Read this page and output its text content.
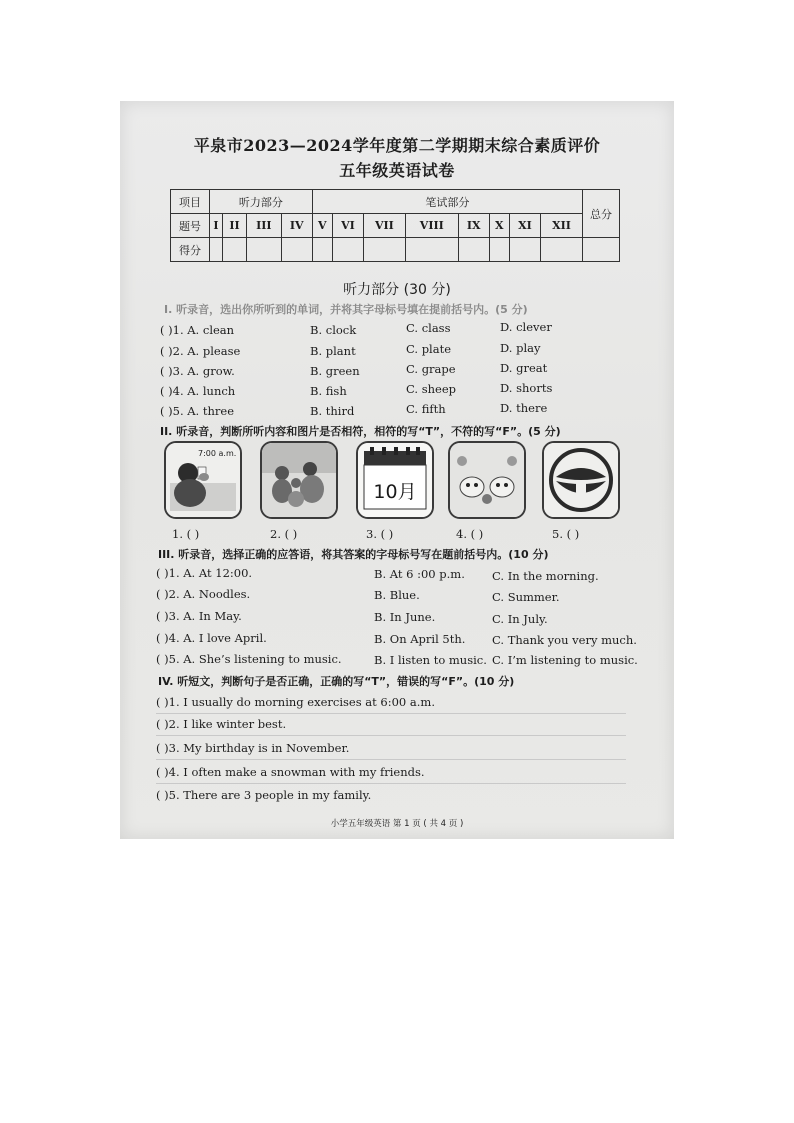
平泉市2023—2024学年度第二学期期末综合素质评价
五年级英语试卷
项目	听力部分				笔试部分								总分
题号	I	II	III	IV	V	VI	VII	VIII	IX	X	XI	XII	
得分													
听力部分 (30 分)
Ⅰ. 听录音，选出你所听到的单词，并将其字母标号填在提前括号内。(5 分)
( )1. A. clean	B. clock	C. class	D. clever
( )2. A. please	B. plant	C. plate	D. play
( )3. A. grow.	B. green	C. grape	D. great
( )4. A. lunch	B. fish	C. sheep	D. shorts
( )5. A. three	B. third	C. fifth	D. there
II. 听录音，判断所听内容和图片是否相符，相符的写“T”，不符的写“F”。(5 分)
7:00 a.m.
10月
1. ( )	2. ( )	3. ( )	4. ( )	5. ( )
III. 听录音，选择正确的应答语，将其答案的字母标号写在题前括号内。(10 分)
( )1. A. At 12:00.	B. At 6 :00 p.m. C. In the morning.
( )2. A. Noodles.	B. Blue.	C. Summer.
( )3. A. In May.	B. In June.	C. In July.
( )4. A. I love April.	B. On April 5th. C. Thank you very much.
( )5. A. She’s listening to music.	B. I listen to music. C. I’m listening to music.
IV. 听短文，判断句子是否正确，正确的写“T”，错误的写“F”。(10 分)
( )1. I usually do morning exercises at 6:00 a.m.
( )2. I like winter best.
( )3. My birthday is in November.
( )4. I often make a snowman with my friends.
( )5. There are 3 people in my family.
小学五年级英语 第 1 页 ( 共 4 页 )
